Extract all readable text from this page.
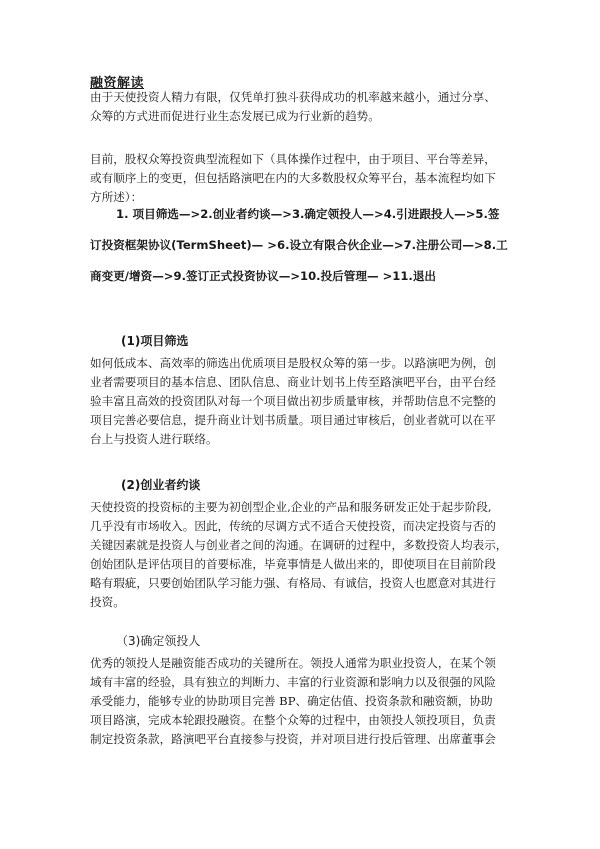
融资解读

由于天使投资人精力有限，仅凭单打独斗获得成功的机率越来越小，通过分享、
众筹的方式进而促进行业生态发展已成为行业新的趋势。

目前，股权众筹投资典型流程如下（具体操作过程中，由于项目、平台等差异，
或有顺序上的变更，但包括路演吧在内的大多数股权众筹平台，基本流程均如下
方所述）：

1. 项目筛选—>2.创业者约谈—>3.确定领投人—>4.引进跟投人—>5.签
订投资框架协议(TermSheet)— >6.设立有限合伙企业—>7.注册公司—>8.工
商变更/增资—>9.签订正式投资协议—>10.投后管理— >11.退出
(1)项目筛选

如何低成本、高效率的筛选出优质项目是股权众筹的第一步。以路演吧为例，创
业者需要项目的基本信息、团队信息、商业计划书上传至路演吧平台，由平台经
验丰富且高效的投资团队对每一个项目做出初步质量审核，并帮助信息不完整的
项目完善必要信息，提升商业计划书质量。项目通过审核后，创业者就可以在平
台上与投资人进行联络。

(2)创业者约谈

天使投资的投资标的主要为初创型企业,企业的产品和服务研发正处于起步阶段,
几乎没有市场收入。因此，传统的尽调方式不适合天使投资，而决定投资与否的
关键因素就是投资人与创业者之间的沟通。在调研的过程中，多数投资人均表示，
创始团队是评估项目的首要标准，毕竟事情是人做出来的，即使项目在目前阶段
略有瑕疵，只要创始团队学习能力强、有格局、有诚信，投资人也愿意对其进行
投资。

（3)确定领投人

优秀的领投人是融资能否成功的关键所在。领投人通常为职业投资人，在某个领
域有丰富的经验，具有独立的判断力、丰富的行业资源和影响力以及很强的风险
承受能力，能够专业的协助项目完善 BP、确定估值、投资条款和融资额，协助
项目路演，完成本轮跟投融资。在整个众筹的过程中，由领投人领投项目，负责
制定投资条款，路演吧平台直接参与投资，并对项目进行投后管理、出席董事会
